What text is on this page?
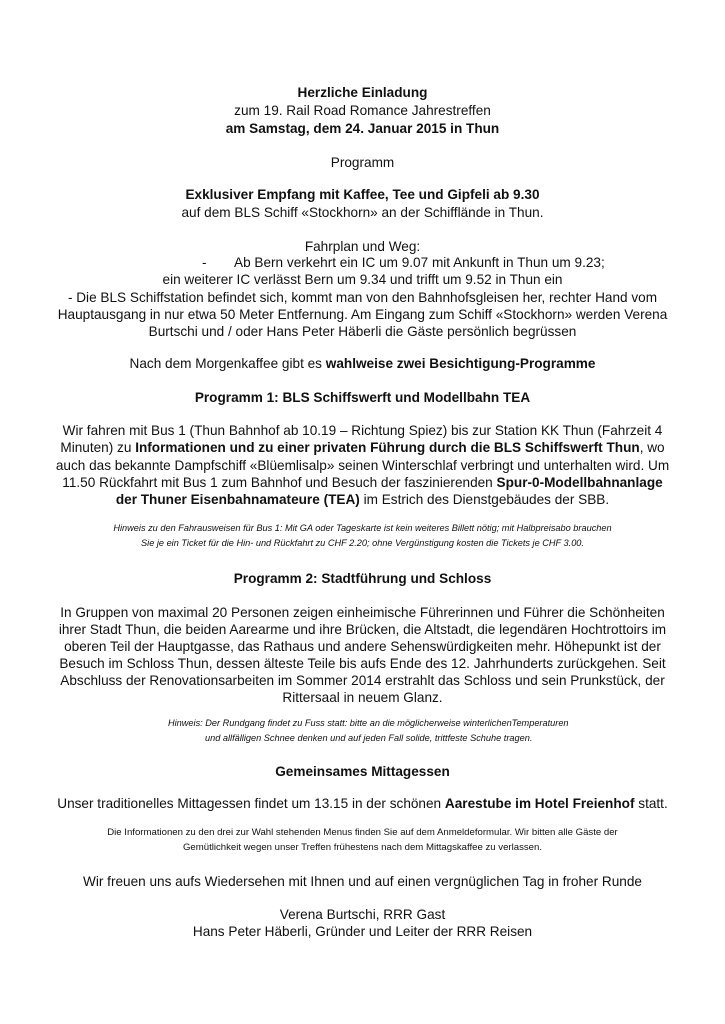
Herzliche Einladung
zum 19. Rail Road Romance Jahrestreffen
am Samstag, dem 24. Januar 2015 in Thun
Programm
Exklusiver Empfang mit Kaffee, Tee und Gipfeli ab 9.30
auf dem BLS Schiff «Stockhorn» an der Schifflände in Thun.
Fahrplan und Weg:
- Ab Bern verkehrt ein IC um 9.07 mit Ankunft in Thun um 9.23;
ein weiterer IC verlässt Bern um 9.34 und trifft um 9.52 in Thun ein
- Die BLS Schiffstation befindet sich, kommt man von den Bahnhofsgleisen her, rechter Hand vom
Hauptausgang in nur etwa 50 Meter Entfernung. Am Eingang zum Schiff «Stockhorn» werden Verena
Burtschi und / oder Hans Peter Häberli die Gäste persönlich begrüssen
Nach dem Morgenkaffee gibt es wahlweise zwei Besichtigung-Programme
Programm 1: BLS Schiffswerft und Modellbahn TEA
Wir fahren mit Bus 1 (Thun Bahnhof ab 10.19 – Richtung Spiez) bis zur Station KK Thun (Fahrzeit 4
Minuten) zu Informationen und zu einer privaten Führung durch die BLS Schiffswerft Thun, wo
auch das bekannte Dampfschiff «Blüemlisalp» seinen Winterschlaf verbringt und unterhalten wird. Um
11.50 Rückfahrt mit Bus 1 zum Bahnhof und Besuch der faszinierenden Spur-0-Modellbahnanlage
der Thuner Eisenbahnamateure (TEA) im Estrich des Dienstgebäudes der SBB.
Hinweis zu den Fahrausweisen für Bus 1: Mit GA oder Tageskarte ist kein weiteres Billett nötig; mit Halbpreisabo brauchen
Sie je ein Ticket für die Hin- und Rückfahrt zu CHF 2.20; ohne Vergünstigung kosten die Tickets je CHF 3.00.
Programm 2: Stadtführung und Schloss
In Gruppen von maximal 20 Personen zeigen einheimische Führerinnen und Führer die Schönheiten
ihrer Stadt Thun, die beiden Aarearme und ihre Brücken, die Altstadt, die legendären Hochtrottoirs im
oberen Teil der Hauptgasse, das Rathaus und andere Sehenswürdigkeiten mehr. Höhepunkt ist der
Besuch im Schloss Thun, dessen älteste Teile bis aufs Ende des 12. Jahrhunderts zurückgehen. Seit
Abschluss der Renovationsarbeiten im Sommer 2014 erstrahlt das Schloss und sein Prunkstück, der
Rittersaal in neuem Glanz.
Hinweis: Der Rundgang findet zu Fuss statt: bitte an die möglicherweise winterlichenTemperaturen
und allfälligen Schnee denken und auf jeden Fall solide, trittfeste Schuhe tragen.
Gemeinsames Mittagessen
Unser traditionelles Mittagessen findet um 13.15 in der schönen Aarestube im Hotel Freienhof statt.
Die Informationen zu den drei zur Wahl stehenden Menus finden Sie auf dem Anmeldeformular. Wir bitten alle Gäste der
Gemütlichkeit wegen unser Treffen frühestens nach dem Mittagskaffee zu verlassen.
Wir freuen uns aufs Wiedersehen mit Ihnen und auf einen vergnüglichen Tag in froher Runde
Verena Burtschi, RRR Gast
Hans Peter Häberli, Gründer und Leiter der RRR Reisen
